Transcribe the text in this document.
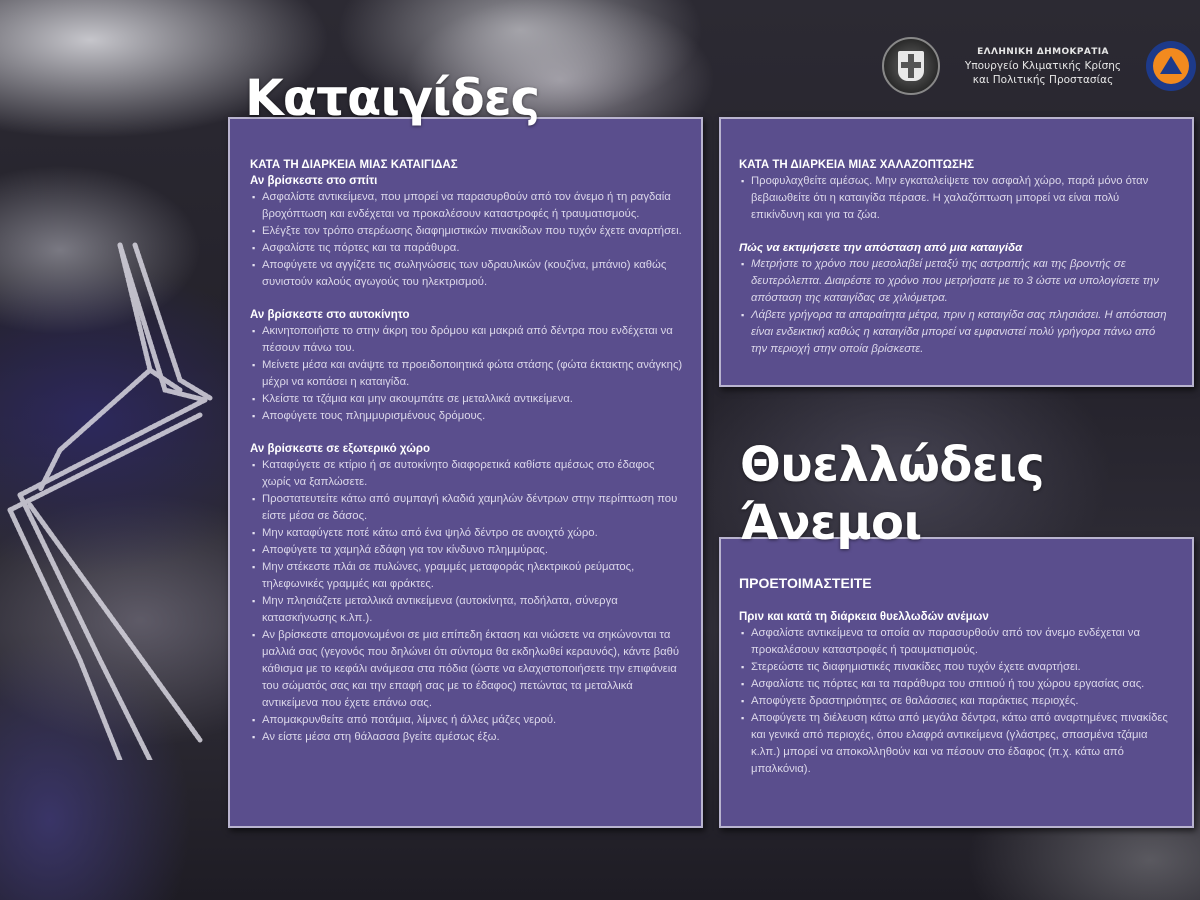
ΕΛΛΗΝΙΚΗ ΔΗΜΟΚΡΑΤΙΑ
Υπουργείο Κλιματικής Κρίσης
και Πολιτικής Προστασίας
Καταιγίδες

ΚΑΤΑ ΤΗ ΔΙΑΡΚΕΙΑ ΜΙΑΣ ΚΑΤΑΙΓΙΔΑΣ

Αν βρίσκεστε στο σπίτι

▪ Ασφαλίστε αντικείμενα, που μπορεί να παρασυρθούν από τον άνεμο ή τη ραγδαία βροχόπτωση και ενδέχεται να προκαλέσουν καταστροφές ή τραυματισμούς.
▪ Ελέγξτε τον τρόπο στερέωσης διαφημιστικών πινακίδων που τυχόν έχετε αναρτήσει.
▪ Ασφαλίστε τις πόρτες και τα παράθυρα.
▪ Αποφύγετε να αγγίζετε τις σωληνώσεις των υδραυλικών (κουζίνα, μπάνιο) καθώς συνιστούν καλούς αγωγούς του ηλεκτρισμού.

Αν βρίσκεστε στο αυτοκίνητο

▪ Ακινητοποιήστε το στην άκρη του δρόμου και μακριά από δέντρα που ενδέχεται να πέσουν πάνω του.
▪ Μείνετε μέσα και ανάψτε τα προειδοποιητικά φώτα στάσης (φώτα έκτακτης ανάγκης) μέχρι να κοπάσει η καταιγίδα.
▪ Κλείστε τα τζάμια και μην ακουμπάτε σε μεταλλικά αντικείμενα.
▪ Αποφύγετε τους πλημμυρισμένους δρόμους.

Αν βρίσκεστε σε εξωτερικό χώρο

▪ Καταφύγετε σε κτίριο ή σε αυτοκίνητο διαφορετικά καθίστε αμέσως στο έδαφος χωρίς να ξαπλώσετε.
▪ Προστατευτείτε κάτω από συμπαγή κλαδιά χαμηλών δέντρων στην περίπτωση που είστε μέσα σε δάσος.
▪ Μην καταφύγετε ποτέ κάτω από ένα ψηλό δέντρο σε ανοιχτό χώρο.
▪ Αποφύγετε τα χαμηλά εδάφη για τον κίνδυνο πλημμύρας.
▪ Μην στέκεστε πλάι σε πυλώνες, γραμμές μεταφοράς ηλεκτρικού ρεύματος, τηλεφωνικές γραμμές και φράκτες.
▪ Μην πλησιάζετε μεταλλικά αντικείμενα (αυτοκίνητα, ποδήλατα, σύνεργα κατασκήνωσης κ.λπ.).
▪ Αν βρίσκεστε απομονωμένοι σε μια επίπεδη έκταση και νιώσετε να σηκώνονται τα μαλλιά σας (γεγονός που δηλώνει ότι σύντομα θα εκδηλωθεί κεραυνός), κάντε βαθύ κάθισμα με το κεφάλι ανάμεσα στα πόδια (ώστε να ελαχιστοποιήσετε την επιφάνεια του σώματός σας και την επαφή σας με το έδαφος) πετώντας τα μεταλλικά αντικείμενα που έχετε επάνω σας.
▪ Απομακρυνθείτε από ποτάμια, λίμνες ή άλλες μάζες νερού.
▪ Αν είστε μέσα στη θάλασσα βγείτε αμέσως έξω.

ΚΑΤΑ ΤΗ ΔΙΑΡΚΕΙΑ ΜΙΑΣ ΧΑΛΑΖΟΠΤΩΣΗΣ

▪ Προφυλαχθείτε αμέσως. Μην εγκαταλείψετε τον ασφαλή χώρο, παρά μόνο όταν βεβαιωθείτε ότι η καταιγίδα πέρασε. Η χαλαζόπτωση μπορεί να είναι πολύ επικίνδυνη και για τα ζώα.

Πώς να εκτιμήσετε την απόσταση από μια καταιγίδα

▪ Μετρήστε το χρόνο που μεσολαβεί μεταξύ της αστραπής και της βροντής σε δευτερόλεπτα. Διαιρέστε το χρόνο που μετρήσατε με το 3 ώστε να υπολογίσετε την απόσταση της καταιγίδας σε χιλιόμετρα.
▪ Λάβετε γρήγορα τα απαραίτητα μέτρα, πριν η καταιγίδα σας πλησιάσει. Η απόσταση είναι ενδεικτική καθώς η καταιγίδα μπορεί να εμφανιστεί πολύ γρήγορα πάνω από την περιοχή στην οποία βρίσκεστε.
Θυελλώδεις
Άνεμοι

ΠΡΟΕΤΟΙΜΑΣΤΕΙΤΕ

Πριν και κατά τη διάρκεια θυελλωδών ανέμων

▪ Ασφαλίστε αντικείμενα τα οποία αν παρασυρθούν από τον άνεμο ενδέχεται να προκαλέσουν καταστροφές ή τραυματισμούς.
▪ Στερεώστε τις διαφημιστικές πινακίδες που τυχόν έχετε αναρτήσει.
▪ Ασφαλίστε τις πόρτες και τα παράθυρα του σπιτιού ή του χώρου εργασίας σας.
▪ Αποφύγετε δραστηριότητες σε θαλάσσιες και παράκτιες περιοχές.
▪ Αποφύγετε τη διέλευση κάτω από μεγάλα δέντρα, κάτω από αναρτημένες πινακίδες και γενικά από περιοχές, όπου ελαφρά αντικείμενα (γλάστρες, σπασμένα τζάμια κ.λπ.) μπορεί να αποκολληθούν και να πέσουν στο έδαφος (π.χ. κάτω από μπαλκόνια).
